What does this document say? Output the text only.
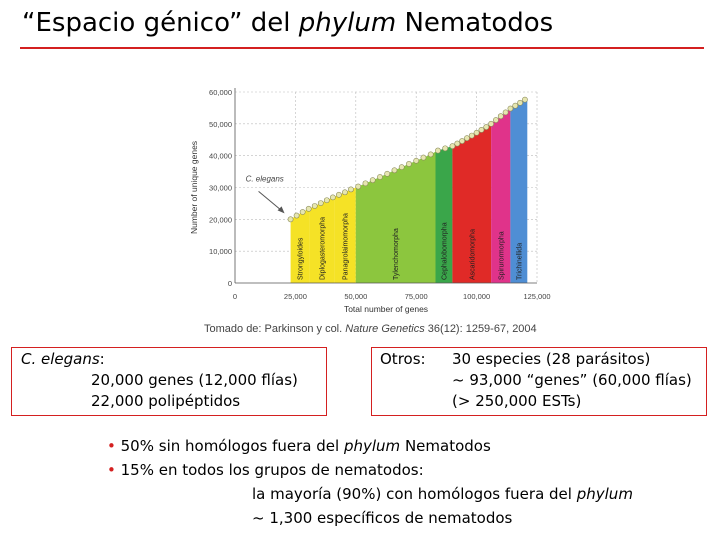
“Espacio génico” del phylum Nematodos
0
20,000
40,000
60,000
10,000
30,000
50,000
0	25,000	50,000	75,000	100,000	125,000
Total number of genes
Number of unique genes
Strongyloides Diplogasteromorpha Panagrolaimomorpha	Tylenchomorpha	Cephalobomorpha	Ascaridomorpha	Spirurormorpha Trichinellida
C. elegans
Tomado de: Parkinson y col. Nature Genetics 36(12): 1259-67, 2004
C. elegans:
20,000 genes (12,000 flías)
22,000 polipéptidos
Otros: 30 especies (28 parásitos)
~ 93,000 “genes” (60,000 flías)
(> 250,000 ESTs)
• 50% sin homólogos fuera del phylum Nematodos
• 15% en todos los grupos de nematodos:
la mayoría (90%) con homólogos fuera del phylum
~ 1,300 específicos de nematodos
